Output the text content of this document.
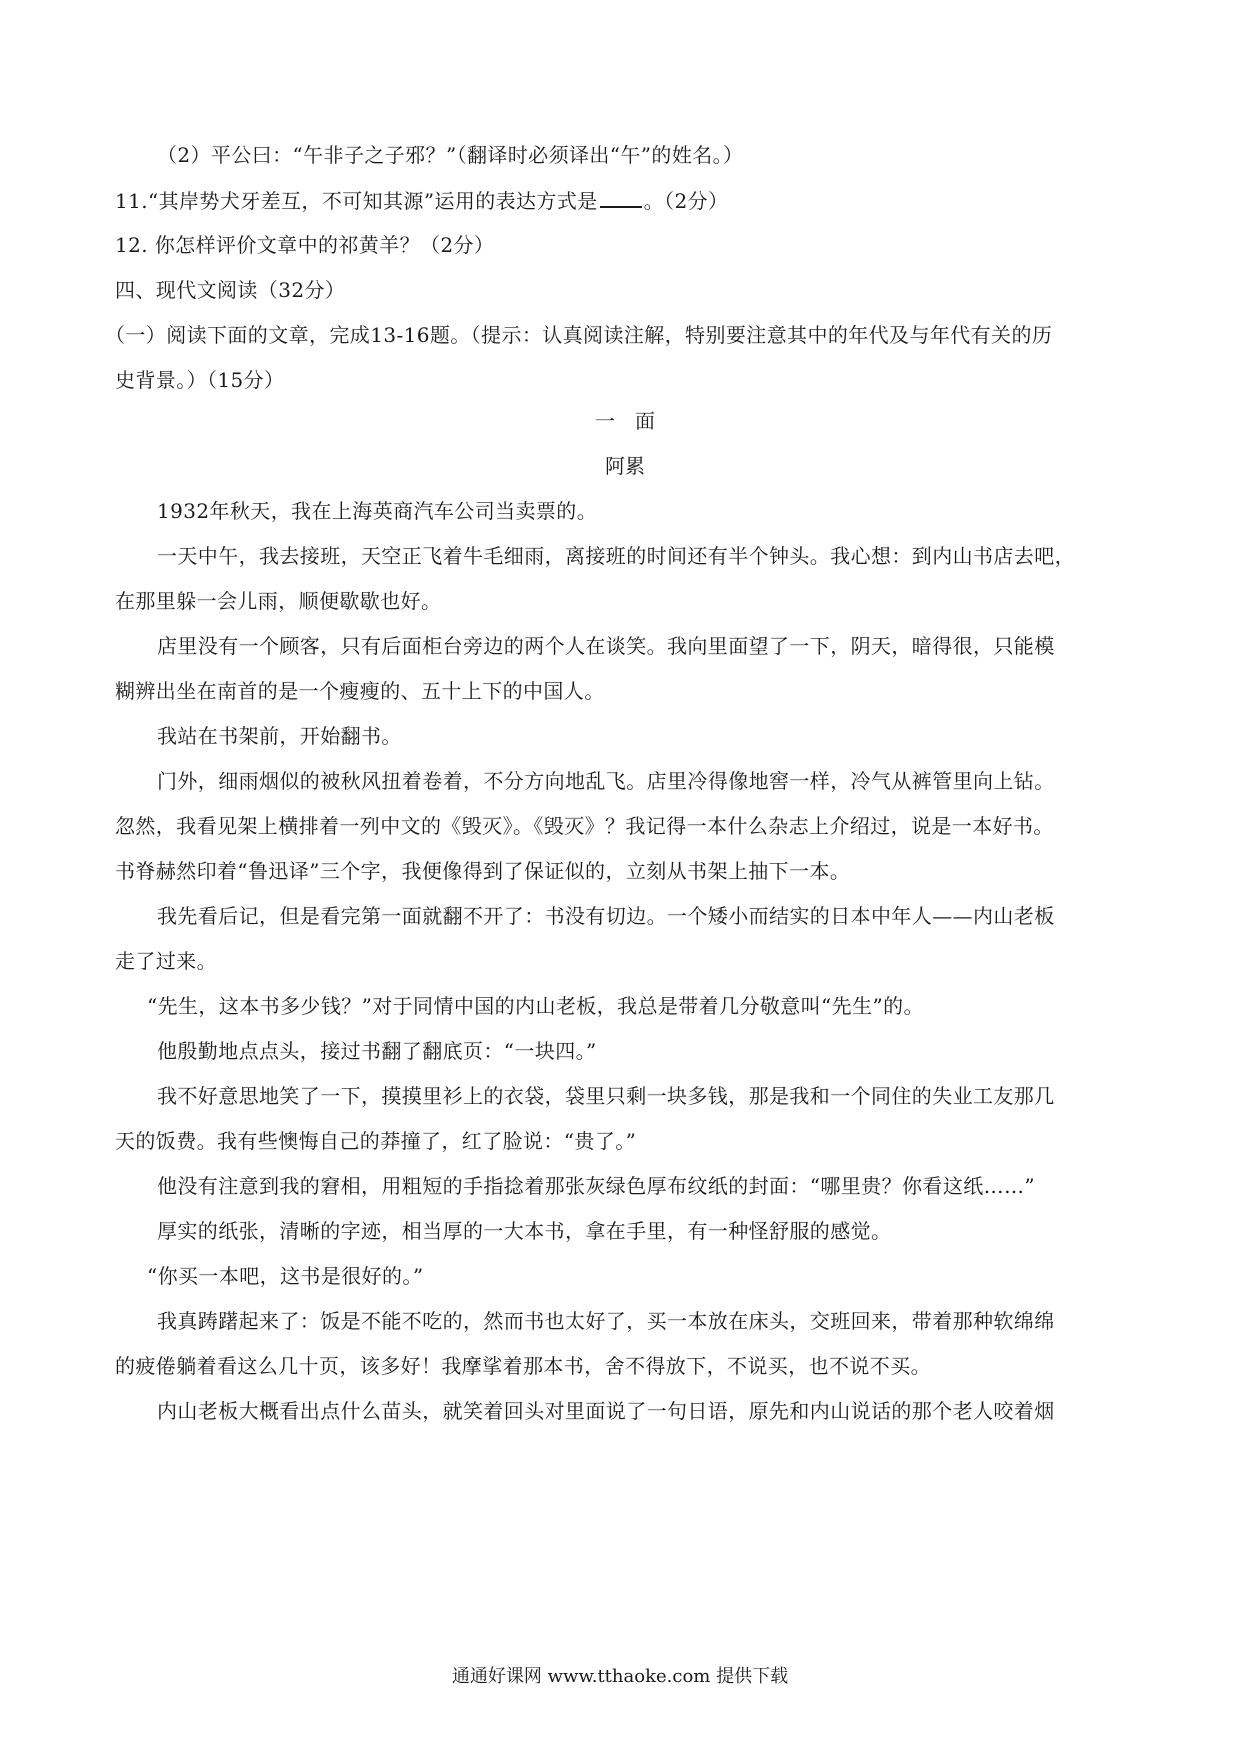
（2）平公曰：“午非子之子邪？”（翻译时必须译出“午”的姓名。）
11.“其岸势犬牙差互，不可知其源”运用的表达方式是 。（2分）
12. 你怎样评价文章中的祁黄羊？（2分）
四、现代文阅读（32分）
（一）阅读下面的文章，完成13-16题。（提示：认真阅读注解，特别要注意其中的年代及与年代有关的历
史背景。）（15分）
一　面
阿累
1932年秋天，我在上海英商汽车公司当卖票的。
一天中午，我去接班，天空正飞着牛毛细雨，离接班的时间还有半个钟头。我心想：到内山书店去吧，
在那里躲一会儿雨，顺便歇歇也好。
店里没有一个顾客，只有后面柜台旁边的两个人在谈笑。我向里面望了一下，阴天，暗得很，只能模
糊辨出坐在南首的是一个瘦瘦的、五十上下的中国人。
我站在书架前，开始翻书。
门外，细雨烟似的被秋风扭着卷着，不分方向地乱飞。店里冷得像地窖一样，冷气从裤管里向上钻。
忽然，我看见架上横排着一列中文的《毁灭》。《毁灭》？我记得一本什么杂志上介绍过，说是一本好书。
书脊赫然印着“鲁迅译”三个字，我便像得到了保证似的，立刻从书架上抽下一本。
我先看后记，但是看完第一面就翻不开了：书没有切边。一个矮小而结实的日本中年人——内山老板
走了过来。
“先生，这本书多少钱？”对于同情中国的内山老板，我总是带着几分敬意叫“先生”的。
他殷勤地点点头，接过书翻了翻底页：“一块四。”
我不好意思地笑了一下，摸摸里衫上的衣袋，袋里只剩一块多钱，那是我和一个同住的失业工友那几
天的饭费。我有些懊悔自己的莽撞了，红了脸说：“贵了。”
他没有注意到我的窘相，用粗短的手指捻着那张灰绿色厚布纹纸的封面：“哪里贵？你看这纸……”
厚实的纸张，清晰的字迹，相当厚的一大本书，拿在手里，有一种怪舒服的感觉。
“你买一本吧，这书是很好的。”
我真踌躇起来了：饭是不能不吃的，然而书也太好了，买一本放在床头，交班回来，带着那种软绵绵
的疲倦躺着看这么几十页，该多好！我摩挲着那本书，舍不得放下，不说买，也不说不买。
内山老板大概看出点什么苗头，就笑着回头对里面说了一句日语，原先和内山说话的那个老人咬着烟
通通好课网 www.tthaoke.com 提供下载
